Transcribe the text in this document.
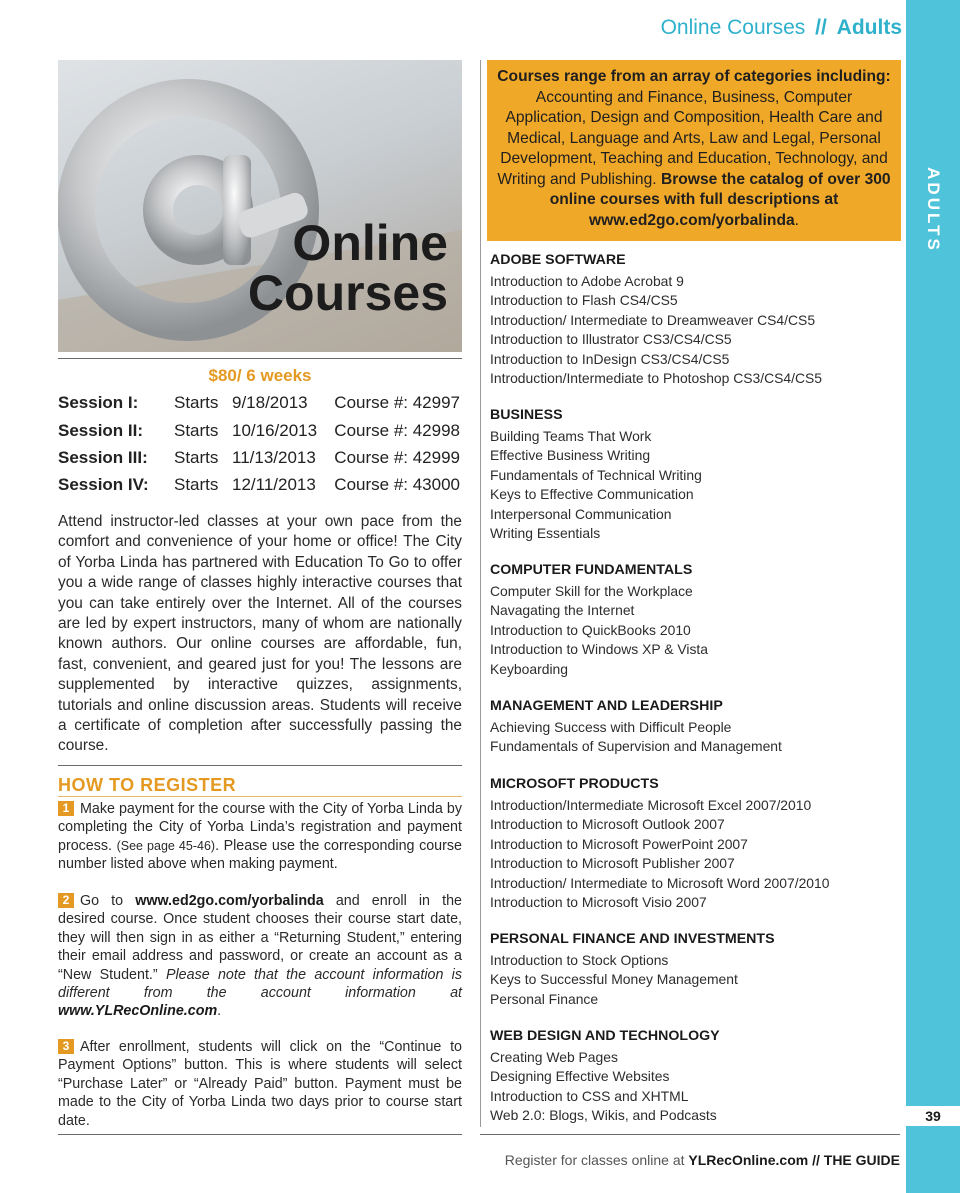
ADULTS
39
Online Courses // Adults
Online
Courses
$80/ 6 weeks
Session I: Starts 9/18/2013 Course #: 42997
Session II: Starts 10/16/2013 Course #: 42998
Session III: Starts 11/13/2013 Course #: 42999
Session IV: Starts 12/11/2013 Course #: 43000

Attend instructor-led classes at your own pace from the comfort and convenience of your home or office! The City of Yorba Linda has partnered with Education To Go to offer you a wide range of classes highly interactive courses that you can take entirely over the Internet. All of the courses are led by expert instructors, many of whom are nationally known authors. Our online courses are affordable, fun, fast, convenient, and geared just for you! The lessons are supplemented by interactive quizzes, assignments, tutorials and online discussion areas. Students will receive a certificate of completion after successfully passing the course.

HOW TO REGISTER

1 Make payment for the course with the City of Yorba Linda by completing the City of Yorba Linda’s registration and payment process. (See page 45-46). Please use the corresponding course number listed above when making payment.

2 Go to www.ed2go.com/yorbalinda and enroll in the desired course. Once student chooses their course start date, they will then sign in as either a “Returning Student,” entering their email address and password, or create an account as a “New Student.” Please note that the account information is different from the account information at www.YLRecOnline.com.

3 After enrollment, students will click on the “Continue to Payment Options” button. This is where students will select “Purchase Later” or “Already Paid” button. Payment must be made to the City of Yorba Linda two days prior to course start date.

Courses range from an array of categories including: Accounting and Finance, Business, Computer Application, Design and Composition, Health Care and Medical, Language and Arts, Law and Legal, Personal Development, Teaching and Education, Technology, and Writing and Publishing. Browse the catalog of over 300 online courses with full descriptions at www.ed2go.com/yorbalinda.
ADOBE SOFTWARE
Introduction to Adobe Acrobat 9
Introduction to Flash CS4/CS5
Introduction/ Intermediate to Dreamweaver CS4/CS5
Introduction to Illustrator CS3/CS4/CS5
Introduction to InDesign CS3/CS4/CS5
Introduction/Intermediate to Photoshop CS3/CS4/CS5
BUSINESS
Building Teams That Work
Effective Business Writing
Fundamentals of Technical Writing
Keys to Effective Communication
Interpersonal Communication
Writing Essentials
COMPUTER FUNDAMENTALS
Computer Skill for the Workplace
Navagating the Internet
Introduction to QuickBooks 2010
Introduction to Windows XP & Vista
Keyboarding
MANAGEMENT AND LEADERSHIP
Achieving Success with Difficult People
Fundamentals of Supervision and Management
MICROSOFT PRODUCTS
Introduction/Intermediate Microsoft Excel 2007/2010
Introduction to Microsoft Outlook 2007
Introduction to Microsoft PowerPoint 2007
Introduction to Microsoft Publisher 2007
Introduction/ Intermediate to Microsoft Word 2007/2010
Introduction to Microsoft Visio 2007
PERSONAL FINANCE AND INVESTMENTS
Introduction to Stock Options
Keys to Successful Money Management
Personal Finance
WEB DESIGN AND TECHNOLOGY
Creating Web Pages
Designing Effective Websites
Introduction to CSS and XHTML
Web 2.0: Blogs, Wikis, and Podcasts
Register for classes online at YLRecOnline.com // THE GUIDE
